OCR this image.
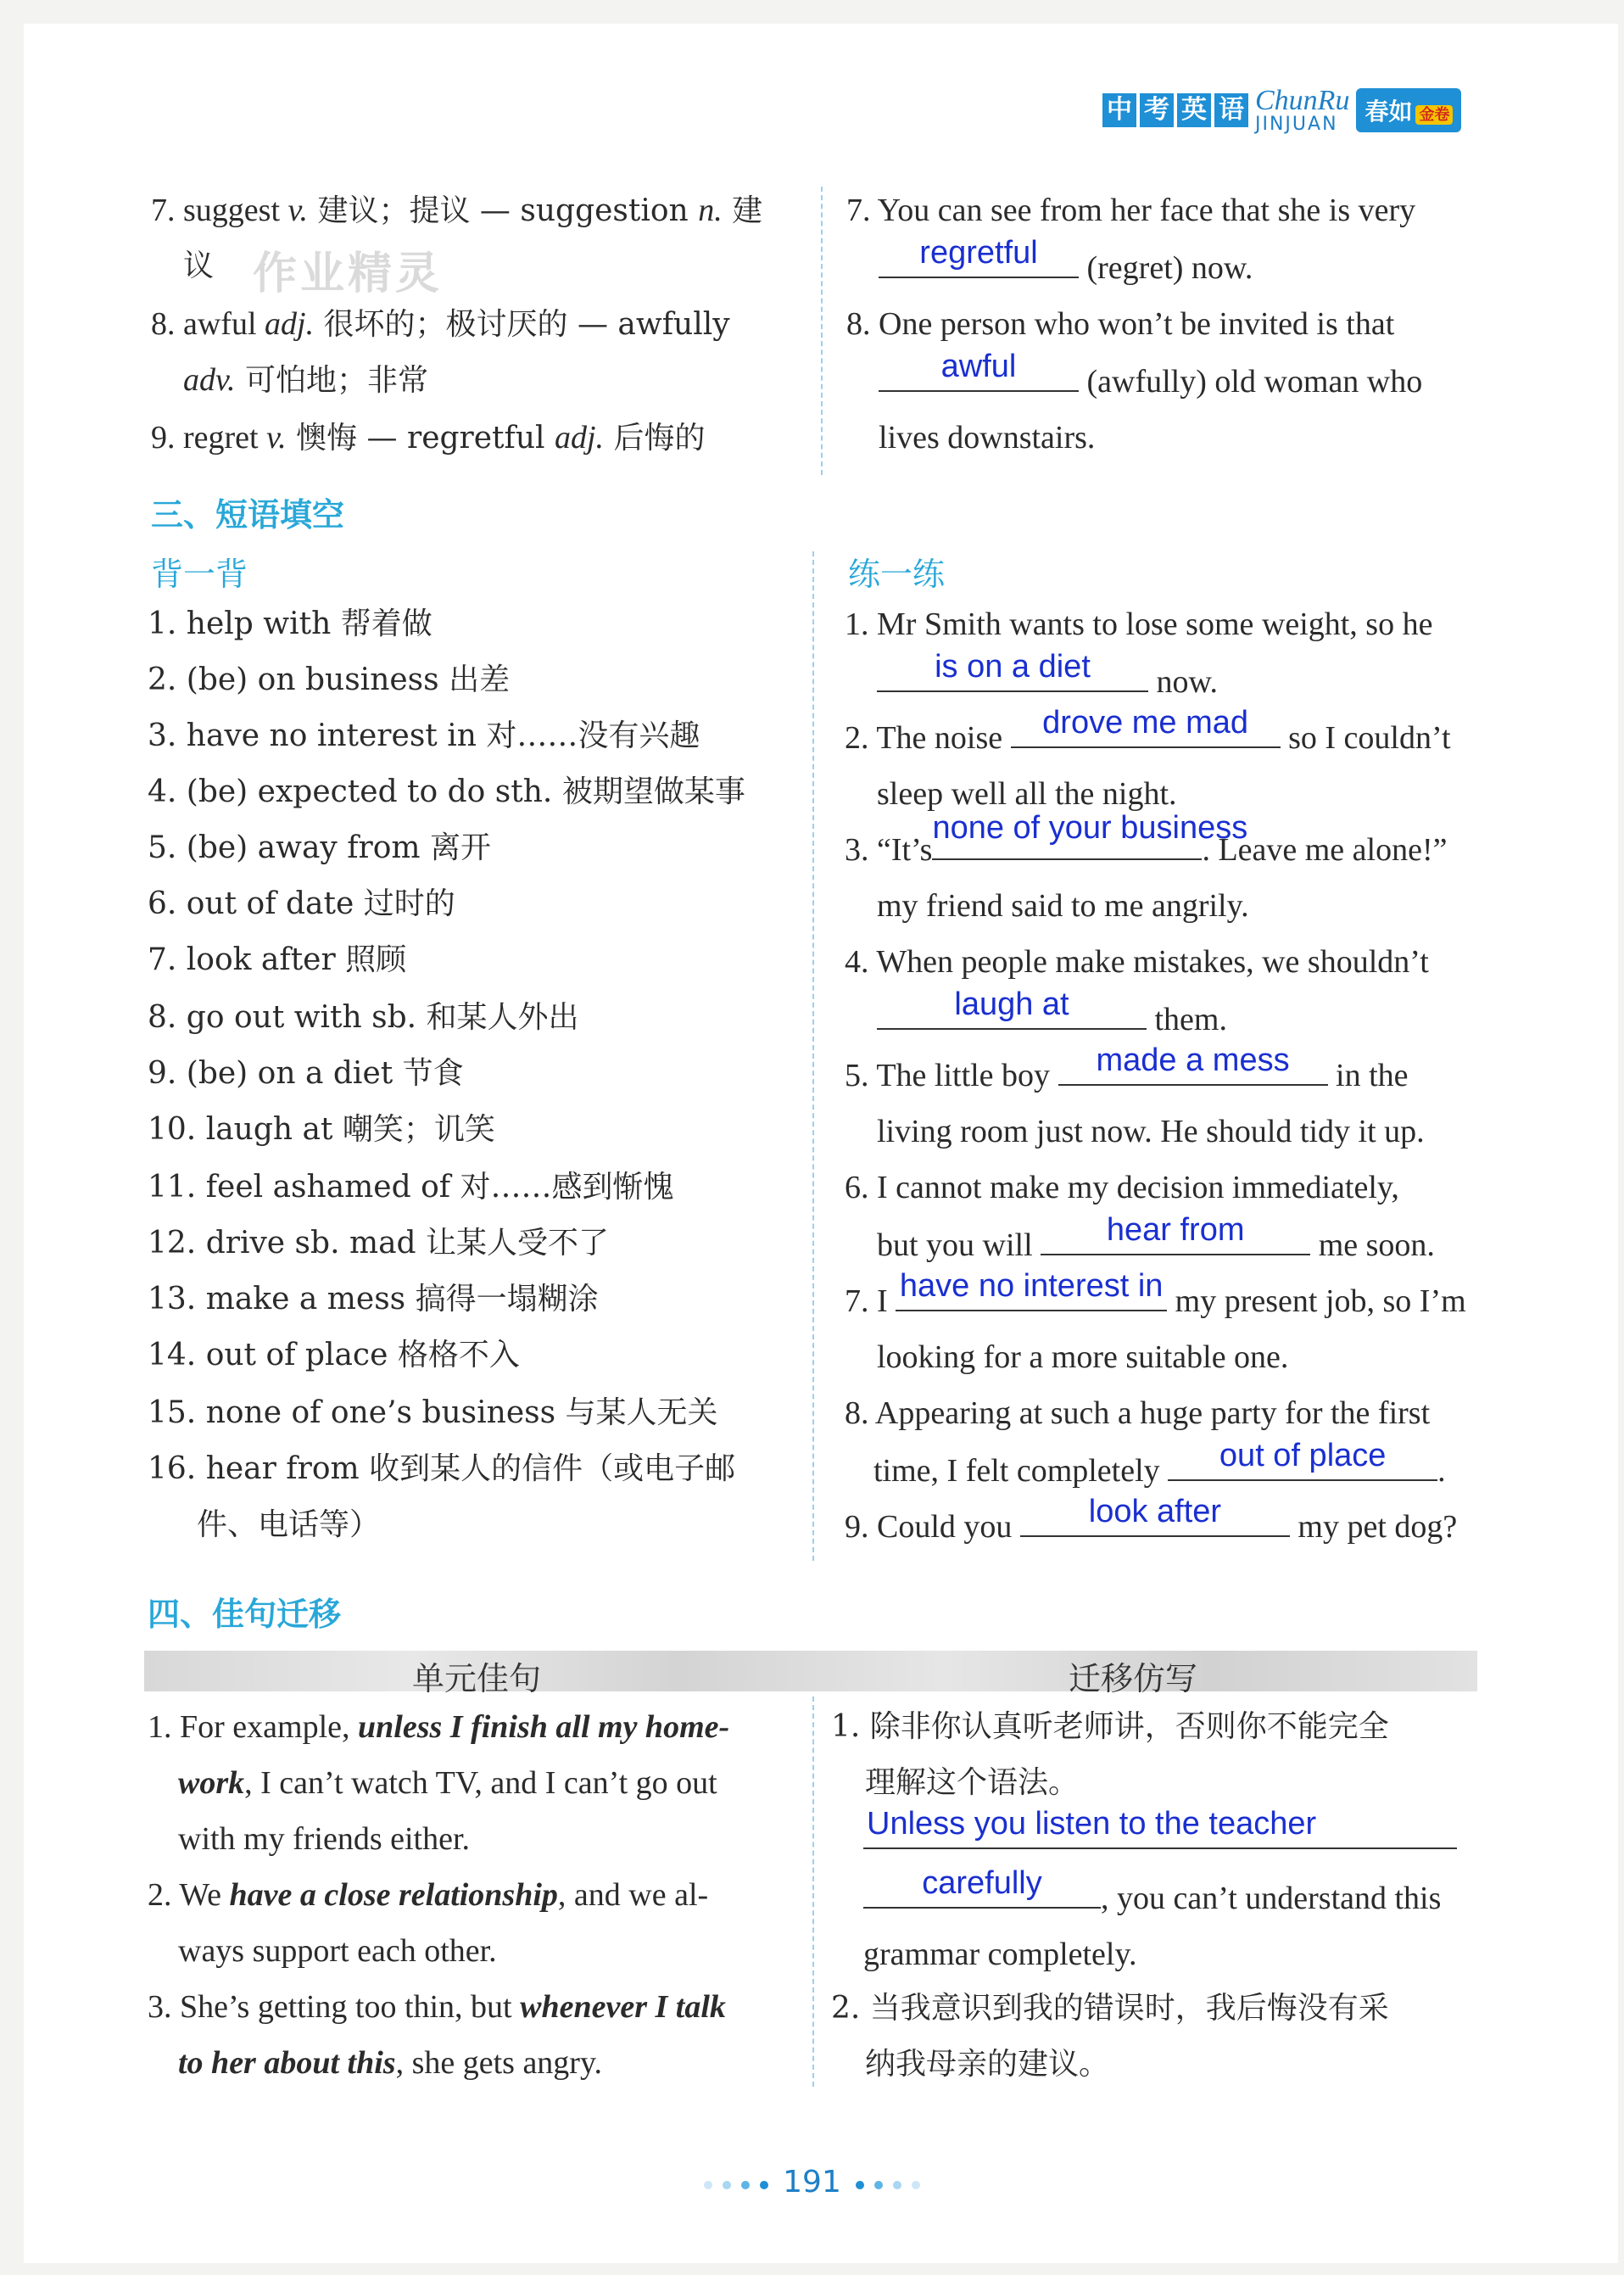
中 考 英 语 ChunRu
JINJUAN	春如 金卷
7. suggest v. 建议；提议 — suggestion n. 建
议 作业精灵
8. awful adj. 很坏的；极讨厌的 — awfully
adv. 可怕地；非常
9. regret v. 懊悔 — regretful adj. 后悔的
7. You can see from her face that she is very
regretful	(regret) now.
8. One person who won’t be invited is that
awful	(awfully) old woman who
lives downstairs.
三、短语填空
背一背	练一练
1. help with 帮着做
2. (be) on business 出差
3. have no interest in 对……没有兴趣
4. (be) expected to do sth. 被期望做某事
5. (be) away from 离开
6. out of date 过时的
7. look after 照顾
8. go out with sb. 和某人外出
9. (be) on a diet 节食
10. laugh at 嘲笑；讥笑
11. feel ashamed of 对……感到惭愧
12. drive sb. mad 让某人受不了
13. make a mess 搞得一塌糊涂
14. out of place 格格不入
15. none of one’s business 与某人无关
16. hear from 收到某人的信件（或电子邮
件、电话等）
1. Mr Smith wants to lose some weight, so he
is on a diet	now.
2. The noise	drove me mad	so I couldn’t
sleep well all the night.
3. “It’s
none of your business
. Leave me alone!”
my friend said to me angrily.
4. When people make mistakes, we shouldn’t
laugh at	them.
5. The little boy	made a mess	in the
living room just now. He should tidy it up.
6. I cannot make my decision immediately,
but you will	hear from	me soon.
7. I have no interest in my present job, so I’m
looking for a more suitable one.
8. Appearing at such a huge party for the first
time, I felt completely	out of place	.
9. Could you	look after	my pet dog?
四、佳句迁移
单元佳句	迁移仿写
1. For example, unless I finish all my home-
work, I can’t watch TV, and I can’t go out
with my friends either.
2. We have a close relationship, and we al-
ways support each other.
3. She’s getting too thin, but whenever I talk
to her about this, she gets angry.
1. 除非你认真听老师讲，否则你不能完全
理解这个语法。
Unless you listen to the teacher
carefully	, you can’t understand this
grammar completely.
2. 当我意识到我的错误时，我后悔没有采
纳我母亲的建议。
191
